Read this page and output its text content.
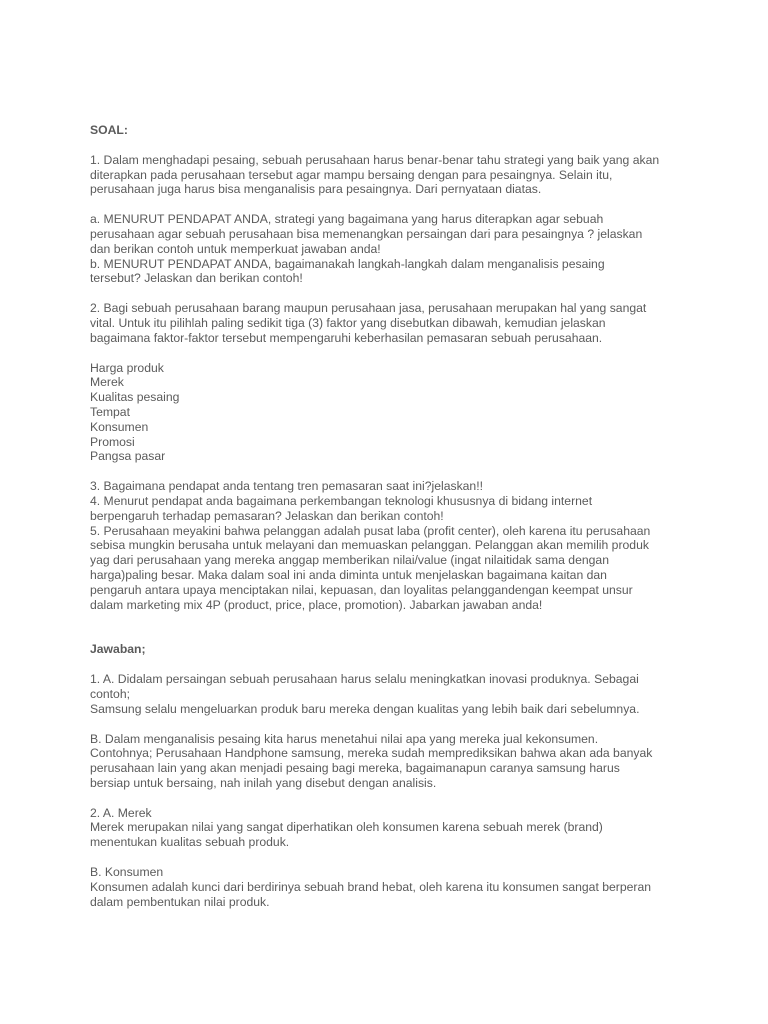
SOAL:

1. Dalam menghadapi pesaing, sebuah perusahaan harus benar-benar tahu strategi yang baik yang akan

diterapkan pada perusahaan tersebut agar mampu bersaing dengan para pesaingnya. Selain itu,

perusahaan juga harus bisa menganalisis para pesaingnya. Dari pernyataan diatas.

a. MENURUT PENDAPAT ANDA, strategi yang bagaimana yang harus diterapkan agar sebuah

perusahaan agar sebuah perusahaan bisa memenangkan persaingan dari para pesaingnya ? jelaskan

dan berikan contoh untuk memperkuat jawaban anda!

b. MENURUT PENDAPAT ANDA, bagaimanakah langkah-langkah dalam menganalisis pesaing

tersebut? Jelaskan dan berikan contoh!

2. Bagi sebuah perusahaan barang maupun perusahaan jasa, perusahaan merupakan hal yang sangat

vital. Untuk itu pilihlah paling sedikit tiga (3) faktor yang disebutkan dibawah, kemudian jelaskan

bagaimana faktor-faktor tersebut mempengaruhi keberhasilan pemasaran sebuah perusahaan.

Harga produk
Merek
Kualitas pesaing
Tempat
Konsumen
Promosi
Pangsa pasar

3. Bagaimana pendapat anda tentang tren pemasaran saat ini?jelaskan!!

4. Menurut pendapat anda bagaimana perkembangan teknologi khususnya di bidang internet

berpengaruh terhadap pemasaran? Jelaskan dan berikan contoh!

5. Perusahaan meyakini bahwa pelanggan adalah pusat laba (profit center), oleh karena itu perusahaan

sebisa mungkin berusaha untuk melayani dan memuaskan pelanggan. Pelanggan akan memilih produk

yag dari perusahaan yang mereka anggap memberikan nilai/value (ingat nilaitidak sama dengan

harga)paling besar. Maka dalam soal ini anda diminta untuk menjelaskan bagaimana kaitan dan

pengaruh antara upaya menciptakan nilai, kepuasan, dan loyalitas pelanggandengan keempat unsur

dalam marketing mix 4P (product, price, place, promotion). Jabarkan jawaban anda!

Jawaban;

1. A. Didalam persaingan sebuah perusahaan harus selalu meningkatkan inovasi produknya. Sebagai

contoh;

Samsung selalu mengeluarkan produk baru mereka dengan kualitas yang lebih baik dari sebelumnya.

B. Dalam menganalisis pesaing kita harus menetahui nilai apa yang mereka jual kekonsumen.

Contohnya; Perusahaan Handphone samsung, mereka sudah memprediksikan bahwa akan ada banyak

perusahaan lain yang akan menjadi pesaing bagi mereka, bagaimanapun caranya samsung harus

bersiap untuk bersaing, nah inilah yang disebut dengan analisis.

2. A. Merek

Merek merupakan nilai yang sangat diperhatikan oleh konsumen karena sebuah merek (brand)

menentukan kualitas sebuah produk.

B. Konsumen

Konsumen adalah kunci dari berdirinya sebuah brand hebat, oleh karena itu konsumen sangat berperan

dalam pembentukan nilai produk.
